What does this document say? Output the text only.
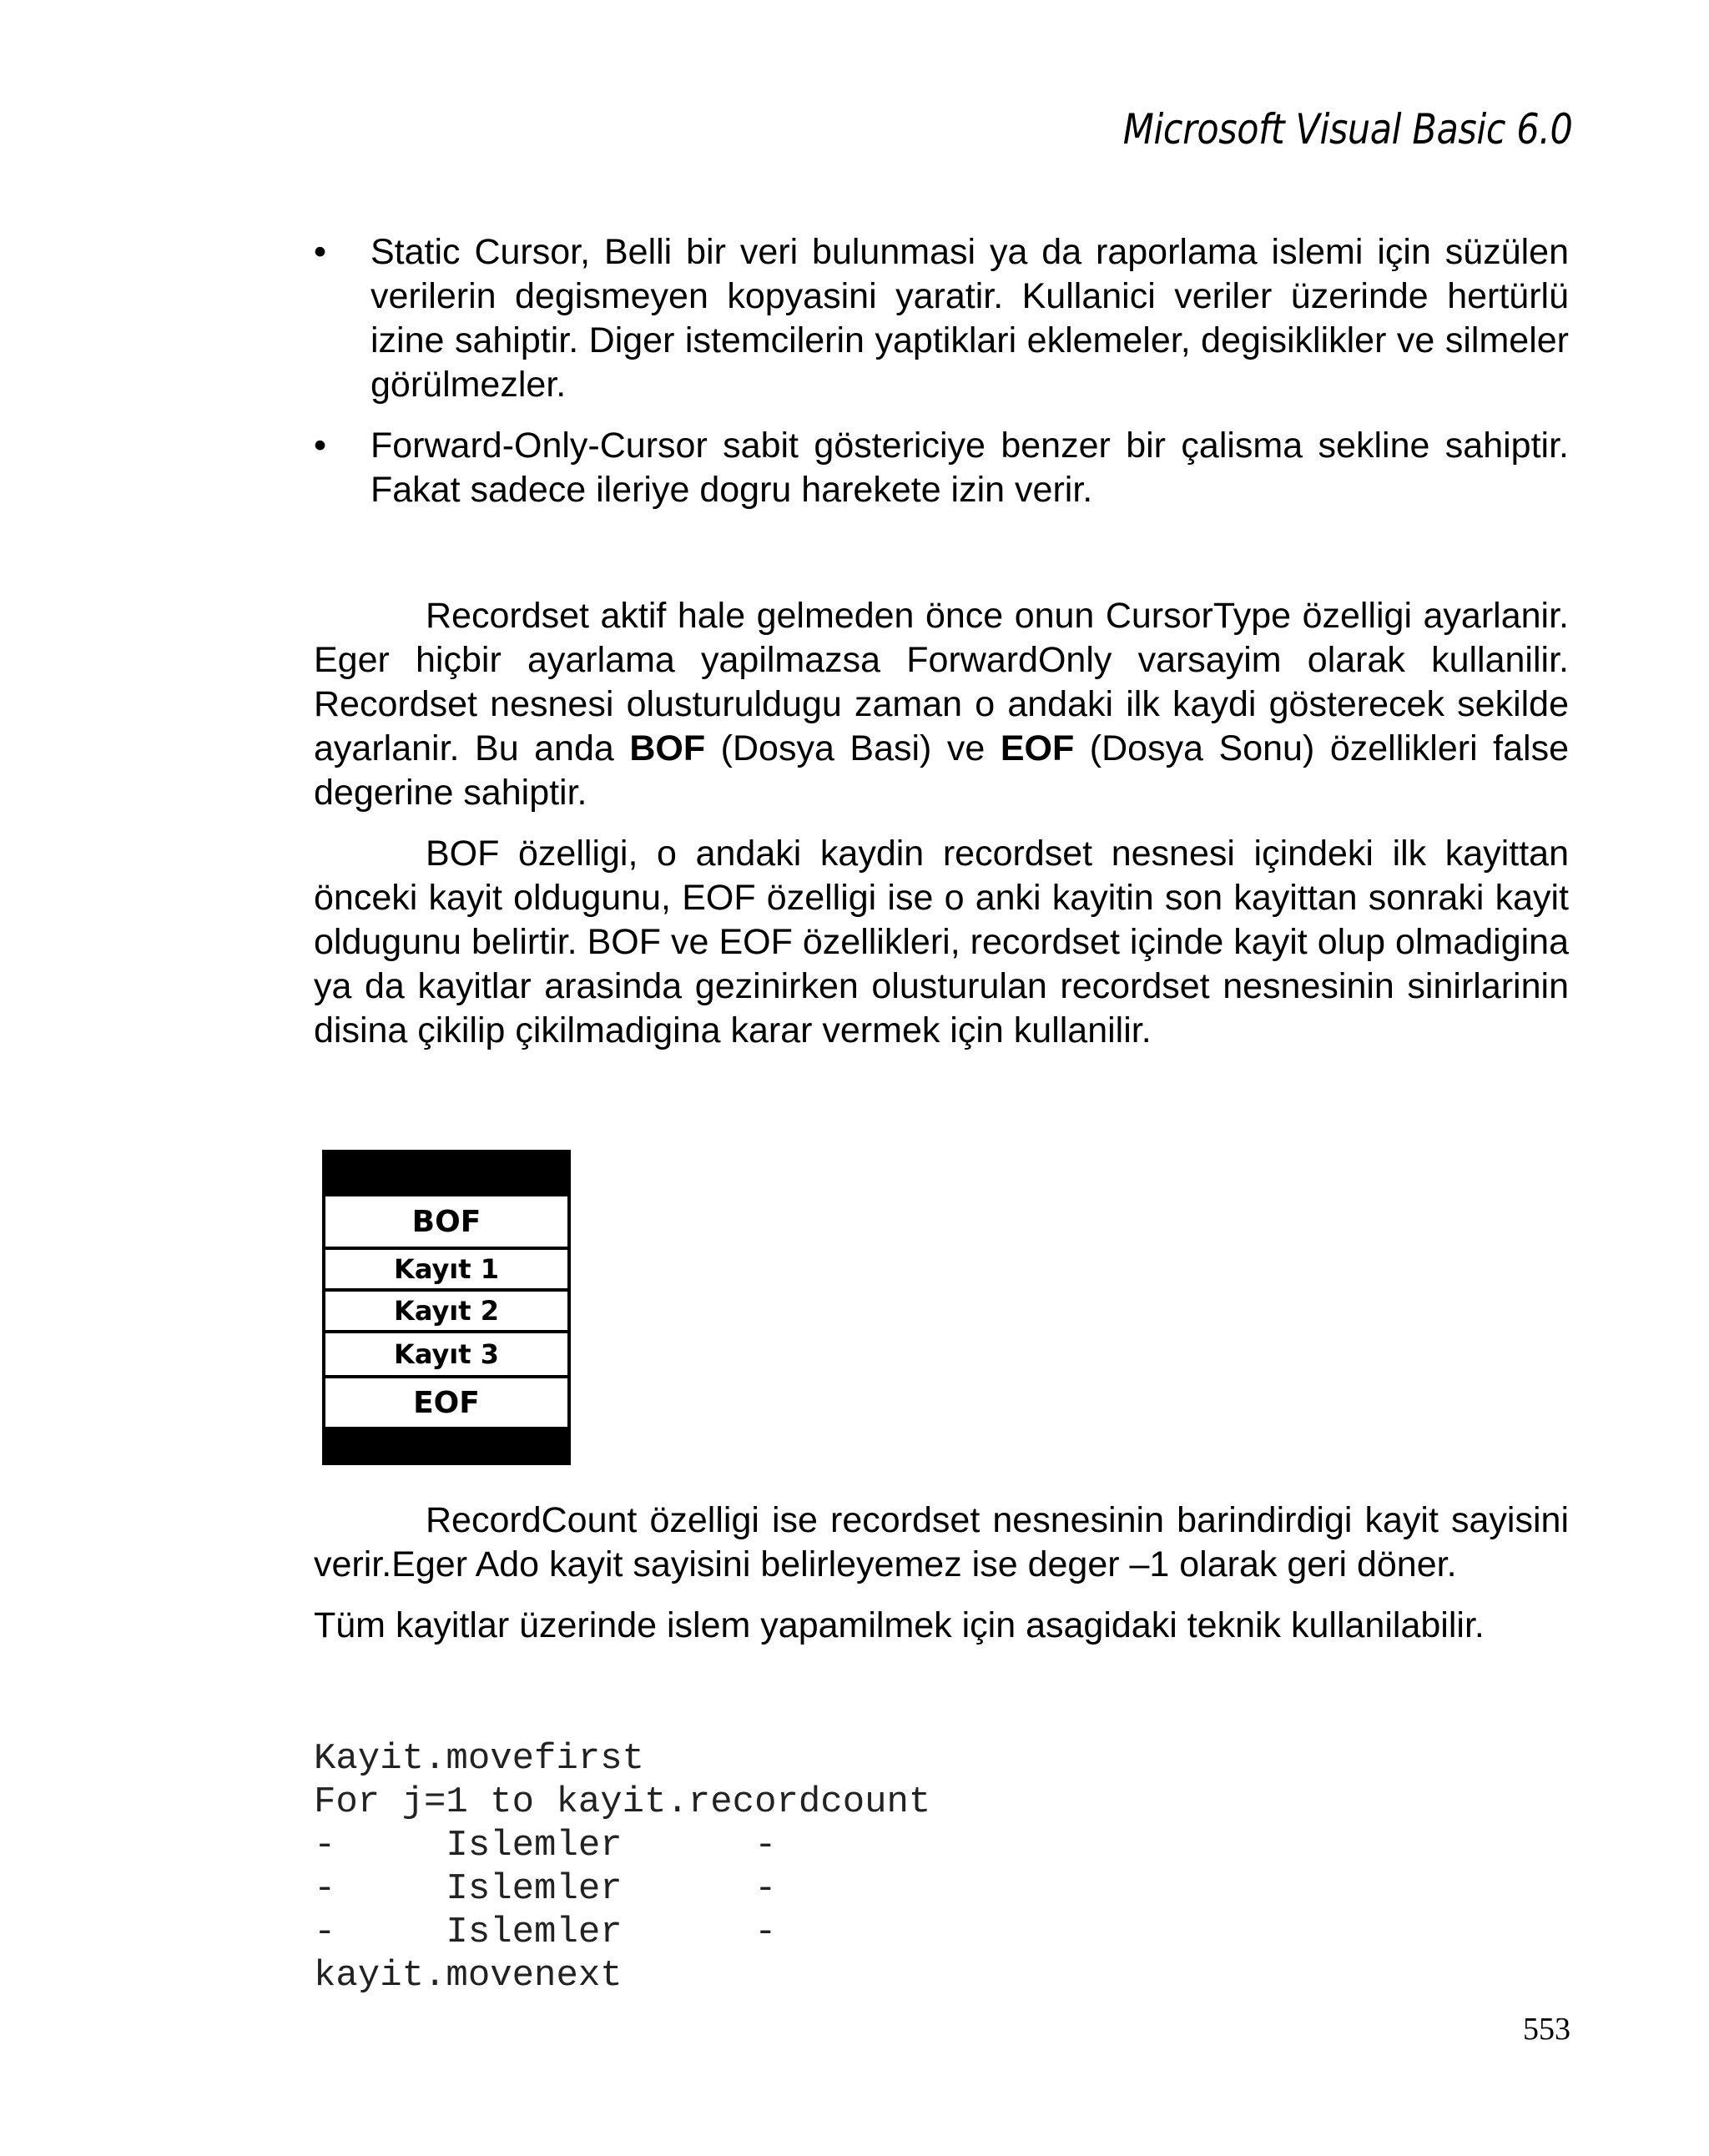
Microsoft Visual Basic 6.0
• Static Cursor, Belli bir veri bulunmasi ya da raporlama islemi için süzülen verilerin degismeyen kopyasini yaratir. Kullanici veriler üzerinde hertürlü izine sahiptir. Diger istemcilerin yaptiklari eklemeler, degisiklikler ve silmeler görülmezler.
• Forward-Only-Cursor sabit göstericiye benzer bir çalisma sekline sahiptir. Fakat sadece ileriye dogru harekete izin verir.

Recordset aktif hale gelmeden önce onun CursorType özelligi ayarlanir. Eger hiçbir ayarlama yapilmazsa ForwardOnly varsayim olarak kullanilir. Recordset nesnesi olusturuldugu zaman o andaki ilk kaydi gösterecek sekilde ayarlanir. Bu anda BOF (Dosya Basi) ve EOF (Dosya Sonu) özellikleri false degerine sahiptir.

BOF özelligi, o andaki kaydin recordset nesnesi içindeki ilk kayittan önceki kayit oldugunu, EOF özelligi ise o anki kayitin son kayittan sonraki kayit oldugunu belirtir. BOF ve EOF özellikleri, recordset içinde kayit olup olmadigina ya da kayitlar arasinda gezinirken olusturulan recordset nesnesinin sinirlarinin disina çikilip çikilmadigina karar vermek için kullanilir.

BOF
Kayıt 1
Kayıt 2
Kayıt 3
EOF

RecordCount özelligi ise recordset nesnesinin barindirdigi kayit sayisini verir.Eger Ado kayit sayisini belirleyemez ise deger –1 olarak geri döner.

Tüm kayitlar üzerinde islem yapamilmek için asagidaki teknik kullanilabilir.

Kayit.movefirst
For j=1 to kayit.recordcount
-     Islemler      -
-     Islemler      -
-     Islemler      -
kayit.movenext
553
